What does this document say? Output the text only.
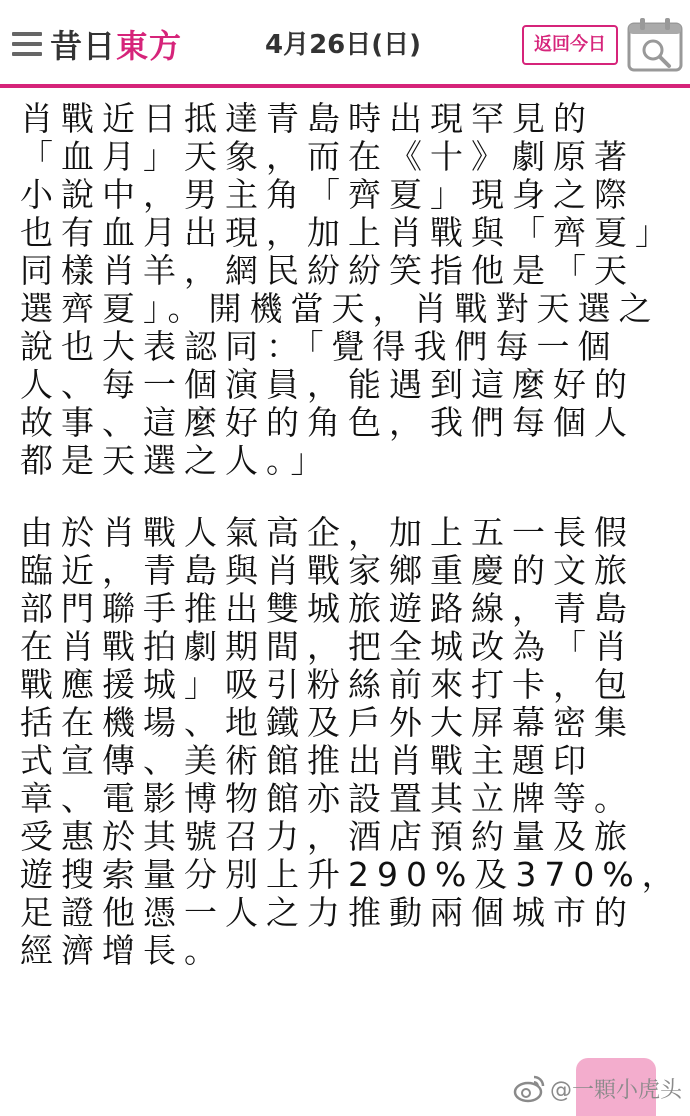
昔日東方	4月26日(日)	返回今日

肖戰近日抵達青島時出現罕見的

「血月」天象，而在《十》劇原著

小說中，男主角「齊夏」現身之際

也有血月出現，加上肖戰與「齊夏」

同樣肖羊，網民紛紛笑指他是「天

選齊夏」。開機當天，肖戰對天選之

說也大表認同：「覺得我們每一個

人、每一個演員，能遇到這麼好的

故事、這麼好的角色，我們每個人

都是天選之人。」

由於肖戰人氣高企，加上五一長假

臨近，青島與肖戰家鄉重慶的文旅

部門聯手推出雙城旅遊路線，青島

在肖戰拍劇期間，把全城改為「肖

戰應援城」吸引粉絲前來打卡，包

括在機場、地鐵及戶外大屏幕密集

式宣傳、美術館推出肖戰主題印

章、電影博物館亦設置其立牌等。

受惠於其號召力，酒店預約量及旅

遊搜索量分別上升290%及370%，

足證他憑一人之力推動兩個城市的

經濟增長。

@一顆小虎头
